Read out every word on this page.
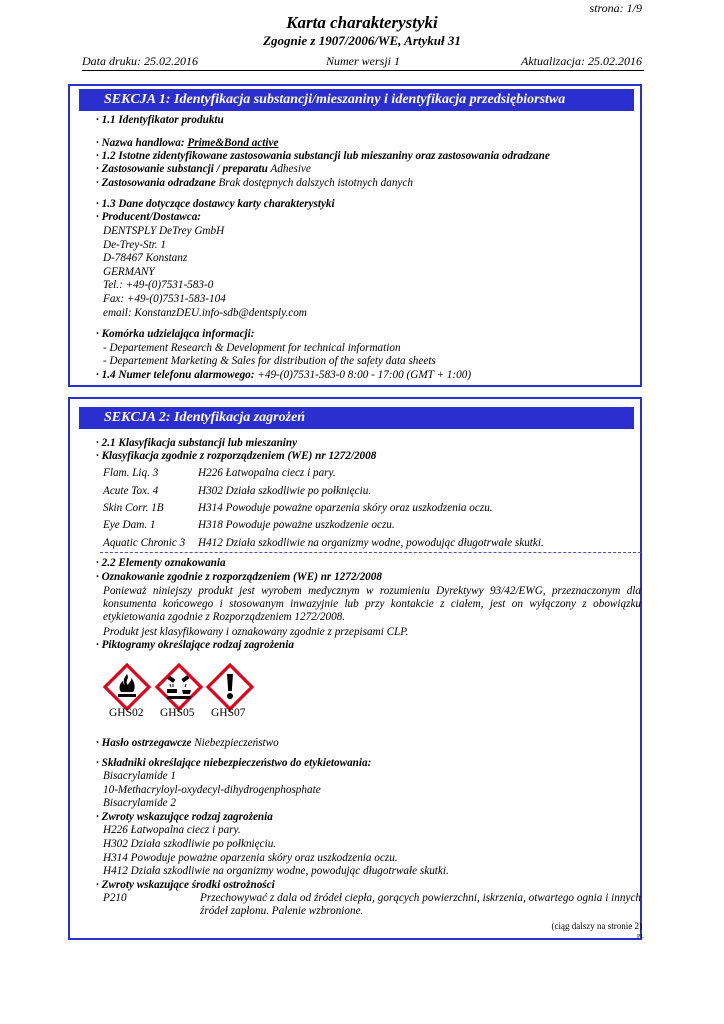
strona: 1/9
Karta charakterystyki
Zgognie z 1907/2006/WE, Artykuł 31
Data druku: 25.02.2016	Numer wersji 1	Aktualizacja: 25.02.2016
SEKCJA 1: Identyfikacja substancji/mieszaniny i identyfikacja przedsiębiorstwa
· 1.1 Identyfikator produktu
· Nazwa handlowa: Prime&Bond active
· 1.2 Istotne zidentyfikowane zastosowania substancji lub mieszaniny oraz zastosowania odradzane
· Zastosowanie substancji / preparatu Adhesive
· Zastosowania odradzane Brak dostępnych dalszych istotnych danych
· 1.3 Dane dotyczące dostawcy karty charakterystyki
· Producent/Dostawca:
DENTSPLY DeTrey GmbH
De-Trey-Str. 1
D-78467 Konstanz
GERMANY
Tel.: +49-(0)7531-583-0
Fax: +49-(0)7531-583-104
email: KonstanzDEU.info-sdb@dentsply.com
· Komórka udzielająca informacji:
- Departement Research & Development for technical information
- Departement Marketing & Sales for distribution of the safety data sheets
· 1.4 Numer telefonu alarmowego: +49-(0)7531-583-0 8:00 - 17:00 (GMT + 1:00)
SEKCJA 2: Identyfikacja zagrożeń
· 2.1 Klasyfikacja substancji lub mieszaniny
· Klasyfikacja zgodnie z rozporządzeniem (WE) nr 1272/2008
Flam. Liq. 3	H226 Łatwopalna ciecz i pary.
Acute Tox. 4	H302 Działa szkodliwie po połknięciu.
Skin Corr. 1B	H314 Powoduje poważne oparzenia skóry oraz uszkodzenia oczu.
Eye Dam. 1	H318 Powoduje poważne uszkodzenie oczu.
Aquatic Chronic 3 H412 Działa szkodliwie na organizmy wodne, powodując długotrwałe skutki.
· 2.2 Elementy oznakowania
· Oznakowanie zgodnie z rozporządzeniem (WE) nr 1272/2008
Ponieważ niniejszy produkt jest wyrobem medycznym w rozumieniu Dyrektywy 93/42/EWG, przeznaczonym dla konsumenta końcowego i stosowanym inwazyjnie lub przy kontakcie z ciałem, jest on wyłączony z obowiązku etykietowania zgodnie z Rozporządzeniem 1272/2008.
Produkt jest klasyfikowany i oznakowany zgodnie z przepisami CLP.
· Piktogramy określające rodzaj zagrożenia
GHS02 GHS05 GHS07
· Hasło ostrzegawcze Niebezpieczeństwo
· Składniki określające niebezpieczeństwo do etykietowania:
Bisacrylamide 1
10-Methacryloyl-oxydecyl-dihydrogenphosphate
Bisacrylamide 2
· Zwroty wskazujące rodzaj zagrożenia
H226 Łatwopalna ciecz i pary.
H302 Działa szkodliwie po połknięciu.
H314 Powoduje poważne oparzenia skóry oraz uszkodzenia oczu.
H412 Działa szkodliwie na organizmy wodne, powodując długotrwałe skutki.
· Zwroty wskazujące środki ostrożności
P210	Przechowywać z dala od źródeł ciepła, gorących powierzchni, iskrzenia, otwartego ognia i innych źródeł zapłonu. Palenie wzbronione.
(ciąg dalszy na stronie 2)
PL
